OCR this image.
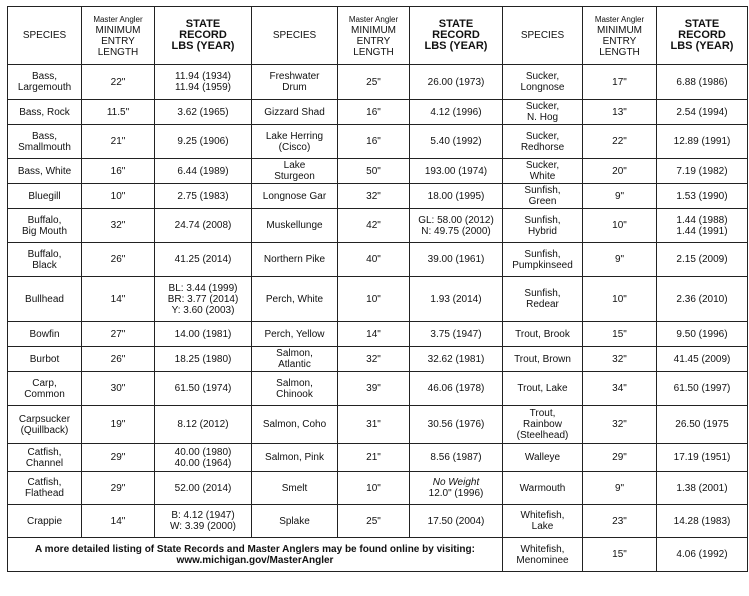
SPECIES	Master Angler
MINIMUM
ENTRY
LENGTH	STATE
RECORD
LBS (YEAR)	SPECIES	Master Angler
MINIMUM
ENTRY
LENGTH	STATE
RECORD
LBS (YEAR)	SPECIES	Master Angler
MINIMUM
ENTRY
LENGTH	STATE
RECORD
LBS (YEAR)

Bass,
Largemouth	22"	11.94 (1934)
11.94 (1959)	Freshwater
Drum	25"	26.00 (1973)	Sucker,
Longnose	17"	6.88 (1986)

Bass, Rock	11.5"	3.62 (1965)	Gizzard Shad	16"	4.12 (1996)	Sucker,
N. Hog	13"	2.54 (1994)

Bass,
Smallmouth	21"	9.25 (1906)	Lake Herring
(Cisco)	16"	5.40 (1992)	Sucker,
Redhorse	22"	12.89 (1991)

Bass, White	16"	6.44 (1989)	Lake
Sturgeon	50"	193.00 (1974)	Sucker,
White	20"	7.19 (1982)

Bluegill	10"	2.75 (1983)	Longnose Gar	32"	18.00 (1995)	Sunfish,
Green	9"	1.53 (1990)

Buffalo,
Big Mouth	32"	24.74 (2008)	Muskellunge	42"	GL: 58.00 (2012)
N: 49.75 (2000)	Sunfish,
Hybrid	10"	1.44 (1988)
1.44 (1991)

Buffalo,
Black	26"	41.25 (2014)	Northern Pike	40"	39.00 (1961)	Sunfish,
Pumpkinseed	9"	2.15 (2009)

Bullhead	14"	BL: 3.44 (1999)
BR: 3.77 (2014)
Y: 3.60 (2003)	Perch, White	10"	1.93 (2014)	Sunfish,
Redear	10"	2.36 (2010)

Bowfin	27"	14.00 (1981)	Perch, Yellow	14"	3.75 (1947)	Trout, Brook	15"	9.50 (1996)

Burbot	26"	18.25 (1980)	Salmon,
Atlantic	32"	32.62 (1981)	Trout, Brown	32"	41.45 (2009)

Carp,
Common	30"	61.50 (1974)	Salmon,
Chinook	39"	46.06 (1978)	Trout, Lake	34"	61.50 (1997)

Carpsucker
(Quillback)	19"	8.12 (2012)	Salmon, Coho	31"	30.56 (1976)	Trout,
Rainbow
(Steelhead)	32"	26.50 (1975

Catfish,
Channel	29"	40.00 (1980)
40.00 (1964)	Salmon, Pink	21"	8.56 (1987)	Walleye	29"	17.19 (1951)

Catfish,
Flathead	29"	52.00 (2014)	Smelt	10"	No Weight
12.0" (1996)	Warmouth	9"	1.38 (2001)

Crappie	14"	B: 4.12 (1947)
W: 3.39 (2000)	Splake	25"	17.50 (2004)	Whitefish,
Lake	23"	14.28 (1983)

A more detailed listing of State Records and Master Anglers may be found online by visiting:
www.michigan.gov/MasterAngler						Whitefish,
Menominee	15"	4.06 (1992)
